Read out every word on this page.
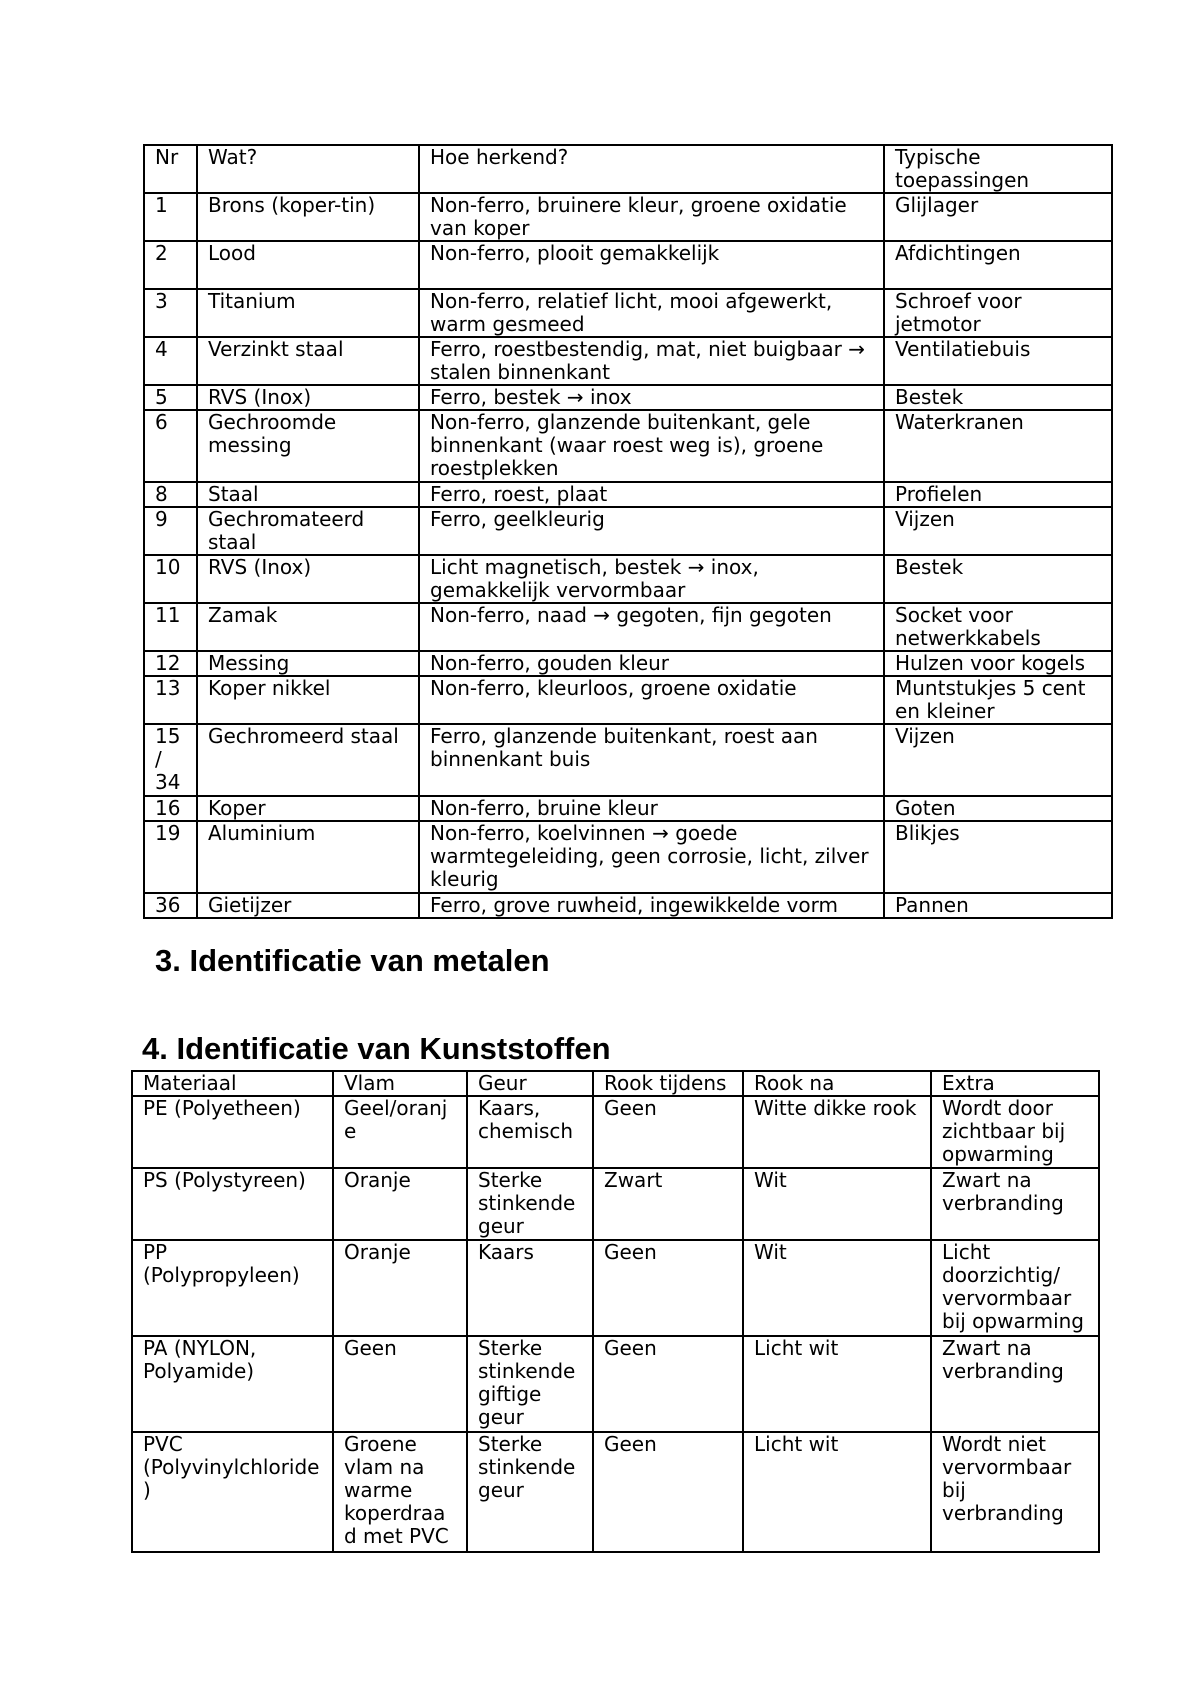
Nr	Wat?	Hoe herkend?	Typische toepassingen
1	Brons (koper-tin)	Non-ferro, bruinere kleur, groene oxidatie van koper	Glijlager
2	Lood	Non-ferro, plooit gemakkelijk	Afdichtingen
3	Titanium	Non-ferro, relatief licht, mooi afgewerkt, warm gesmeed	Schroef voor jetmotor
4	Verzinkt staal	Ferro, roestbestendig, mat, niet buigbaar → stalen binnenkant	Ventilatiebuis
5	RVS (Inox)	Ferro, bestek → inox	Bestek
6	Gechroomde messing	Non-ferro, glanzende buitenkant, gele binnenkant (waar roest weg is), groene roestplekken	Waterkranen
8	Staal	Ferro, roest, plaat	Profielen
9	Gechromateerd staal	Ferro, geelkleurig	Vijzen
10	RVS (Inox)	Licht magnetisch, bestek → inox, gemakkelijk vervormbaar	Bestek
11	Zamak	Non-ferro, naad → gegoten, fijn gegoten	Socket voor netwerkkabels
12	Messing	Non-ferro, gouden kleur	Hulzen voor kogels
13	Koper nikkel	Non-ferro, kleurloos, groene oxidatie	Muntstukjes 5 cent en kleiner
15 / 34	Gechromeerd staal	Ferro, glanzende buitenkant, roest aan binnenkant buis	Vijzen
16	Koper	Non-ferro, bruine kleur	Goten
19	Aluminium	Non-ferro, koelvinnen → goede warmtegeleiding, geen corrosie, licht, zilver kleurig	Blikjes
36	Gietijzer	Ferro, grove ruwheid, ingewikkelde vorm	Pannen
3. Identificatie van metalen
4. Identificatie van Kunststoffen
Materiaal	Vlam	Geur	Rook tijdens	Rook na	Extra
PE (Polyetheen)	Geel/oranje	Kaars, chemisch	Geen	Witte dikke rook	Wordt door zichtbaar bij opwarming
PS (Polystyreen)	Oranje	Sterke stinkende geur	Zwart	Wit	Zwart na verbranding
PP (Polypropyleen)	Oranje	Kaars	Geen	Wit	Licht doorzichtig/ vervormbaar bij opwarming
PA (NYLON, Polyamide)	Geen	Sterke stinkende giftige geur	Geen	Licht wit	Zwart na verbranding
PVC (Polyvinylchloride)	Groene vlam na warme koperdraad met PVC	Sterke stinkende geur	Geen	Licht wit	Wordt niet vervormbaar bij verbranding
